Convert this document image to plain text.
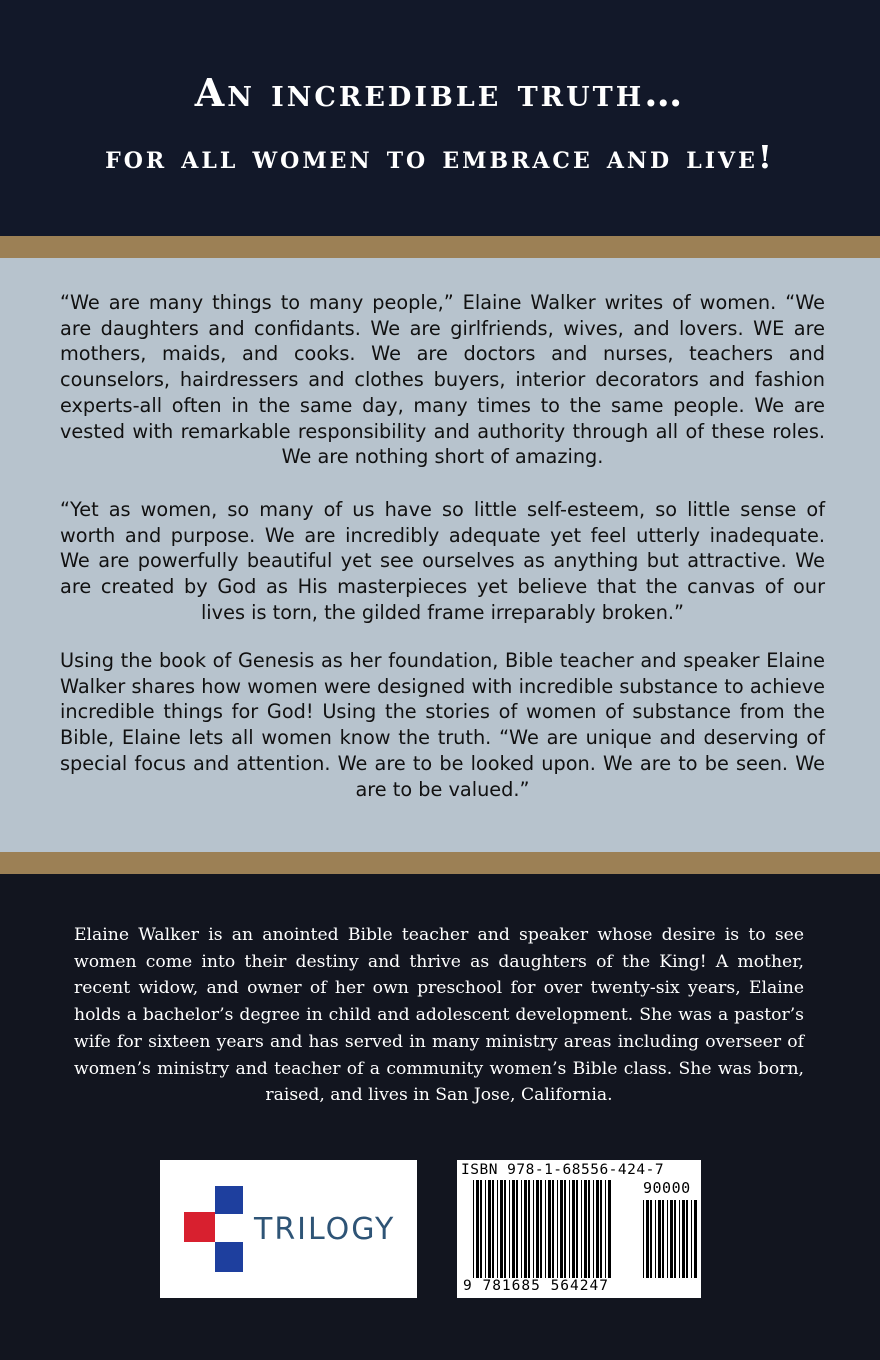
An incredible truth…
for all women to embrace and live!

“We are many things to many people,” Elaine Walker writes of women. “We are daughters and confidants. We are girlfriends, wives, and lovers. WE are mothers, maids, and cooks. We are doctors and nurses, teachers and counselors, hairdressers and clothes buyers, interior decorators and fashion experts-all often in the same day, many times to the same people. We are vested with remarkable responsibility and authority through all of these roles. We are nothing short of amazing.

“Yet as women, so many of us have so little self-esteem, so little sense of worth and purpose. We are incredibly adequate yet feel utterly inadequate. We are powerfully beautiful yet see ourselves as anything but attractive. We are created by God as His masterpieces yet believe that the canvas of our lives is torn, the gilded frame irreparably broken.”

Using the book of Genesis as her foundation, Bible teacher and speaker Elaine Walker shares how women were designed with incredible substance to achieve incredible things for God! Using the stories of women of substance from the Bible, Elaine lets all women know the truth. “We are unique and deserving of special focus and attention. We are to be looked upon. We are to be seen. We are to be valued.”

Elaine Walker is an anointed Bible teacher and speaker whose desire is to see women come into their destiny and thrive as daughters of the King! A mother, recent widow, and owner of her own preschool for over twenty-six years, Elaine holds a bachelor’s degree in child and adolescent development. She was a pastor’s wife for sixteen years and has served in many ministry areas including overseer of women’s ministry and teacher of a community women’s Bible class. She was born, raised, and lives in San Jose, California.

TRILOGY
ISBN 978-1-68556-424-7
90000
9 781685 564247
